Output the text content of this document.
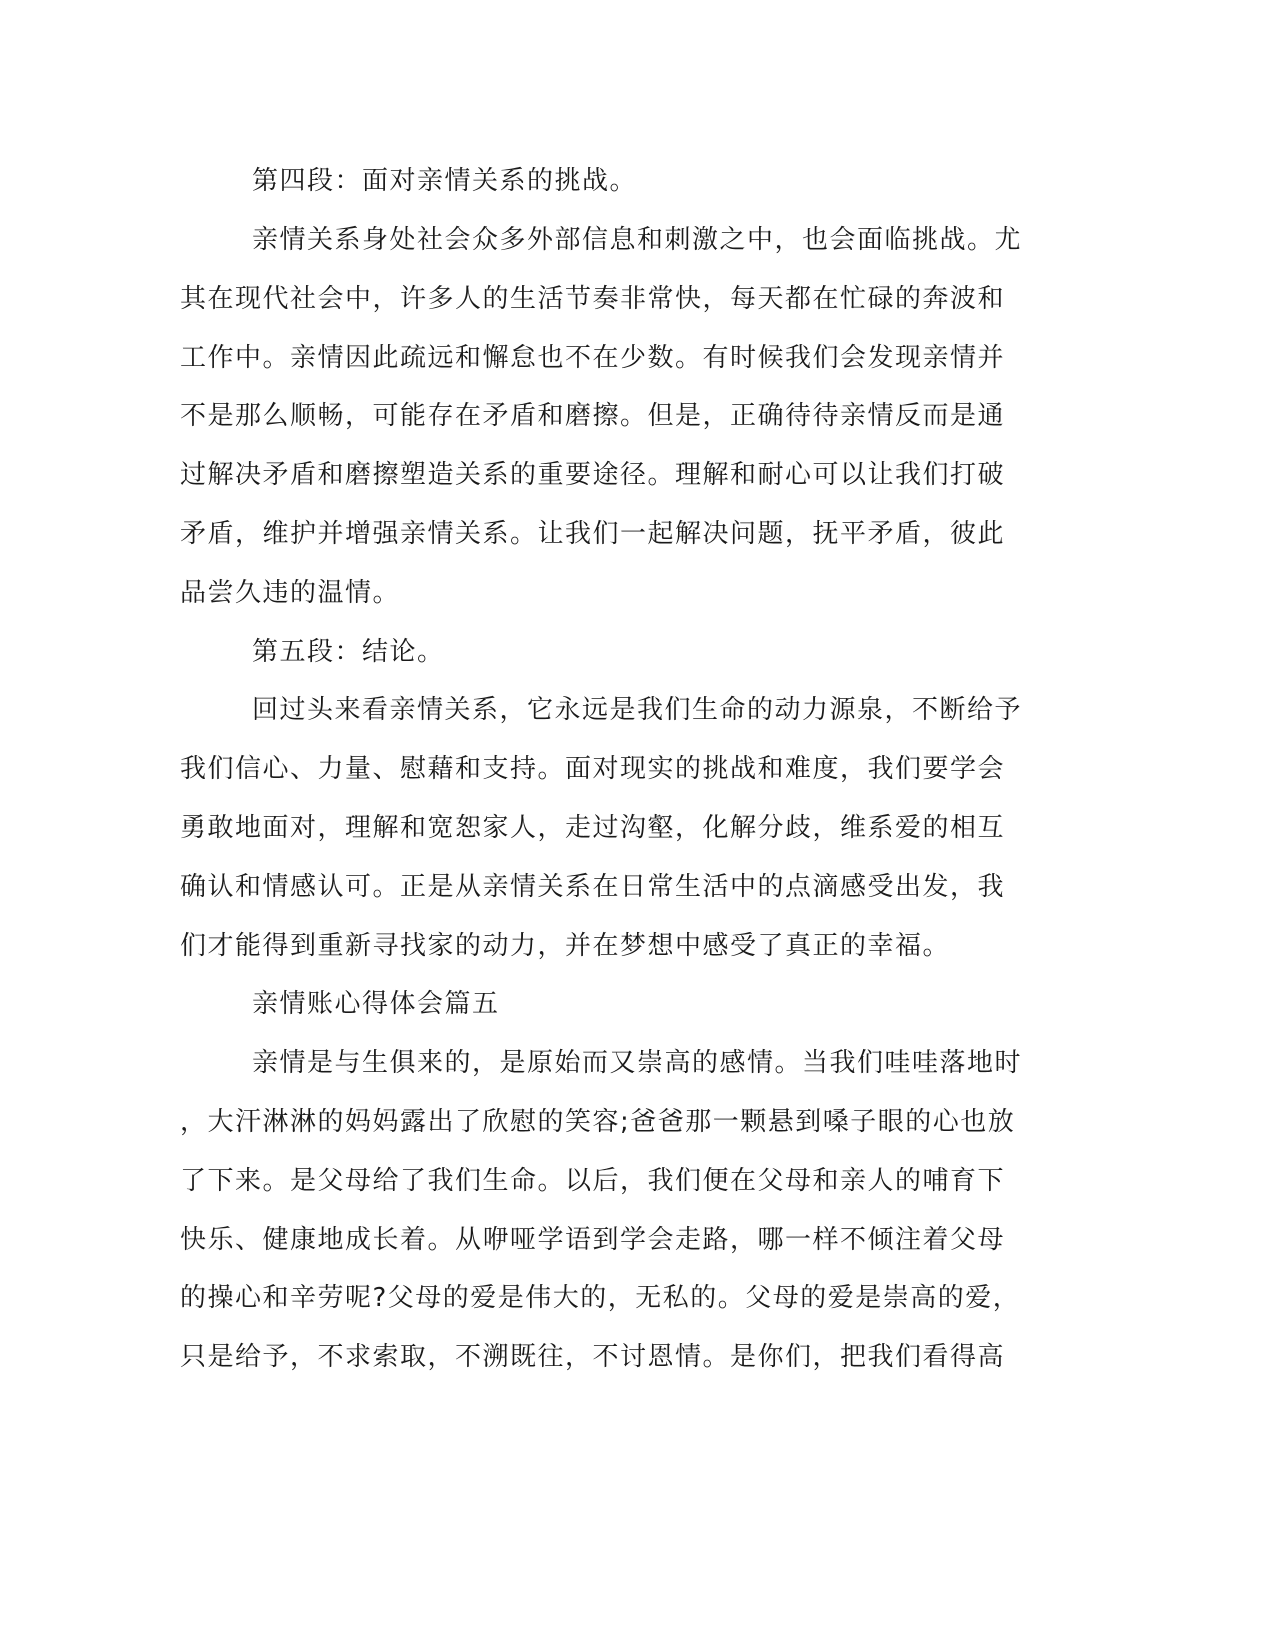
第四段：面对亲情关系的挑战。
亲情关系身处社会众多外部信息和刺激之中，也会面临挑战。尤
其在现代社会中，许多人的生活节奏非常快，每天都在忙碌的奔波和
工作中。亲情因此疏远和懈怠也不在少数。有时候我们会发现亲情并
不是那么顺畅，可能存在矛盾和磨擦。但是，正确待待亲情反而是通
过解决矛盾和磨擦塑造关系的重要途径。理解和耐心可以让我们打破
矛盾，维护并增强亲情关系。让我们一起解决问题，抚平矛盾，彼此
品尝久违的温情。
第五段：结论。
回过头来看亲情关系，它永远是我们生命的动力源泉，不断给予
我们信心、力量、慰藉和支持。面对现实的挑战和难度，我们要学会
勇敢地面对，理解和宽恕家人，走过沟壑，化解分歧，维系爱的相互
确认和情感认可。正是从亲情关系在日常生活中的点滴感受出发，我
们才能得到重新寻找家的动力，并在梦想中感受了真正的幸福。
亲情账心得体会篇五
亲情是与生俱来的，是原始而又崇高的感情。当我们哇哇落地时
，大汗淋淋的妈妈露出了欣慰的笑容;爸爸那一颗悬到嗓子眼的心也放
了下来。是父母给了我们生命。以后，我们便在父母和亲人的哺育下
快乐、健康地成长着。从咿哑学语到学会走路，哪一样不倾注着父母
的操心和辛劳呢?父母的爱是伟大的，无私的。父母的爱是崇高的爱，
只是给予，不求索取，不溯既往，不讨恩情。是你们，把我们看得高
